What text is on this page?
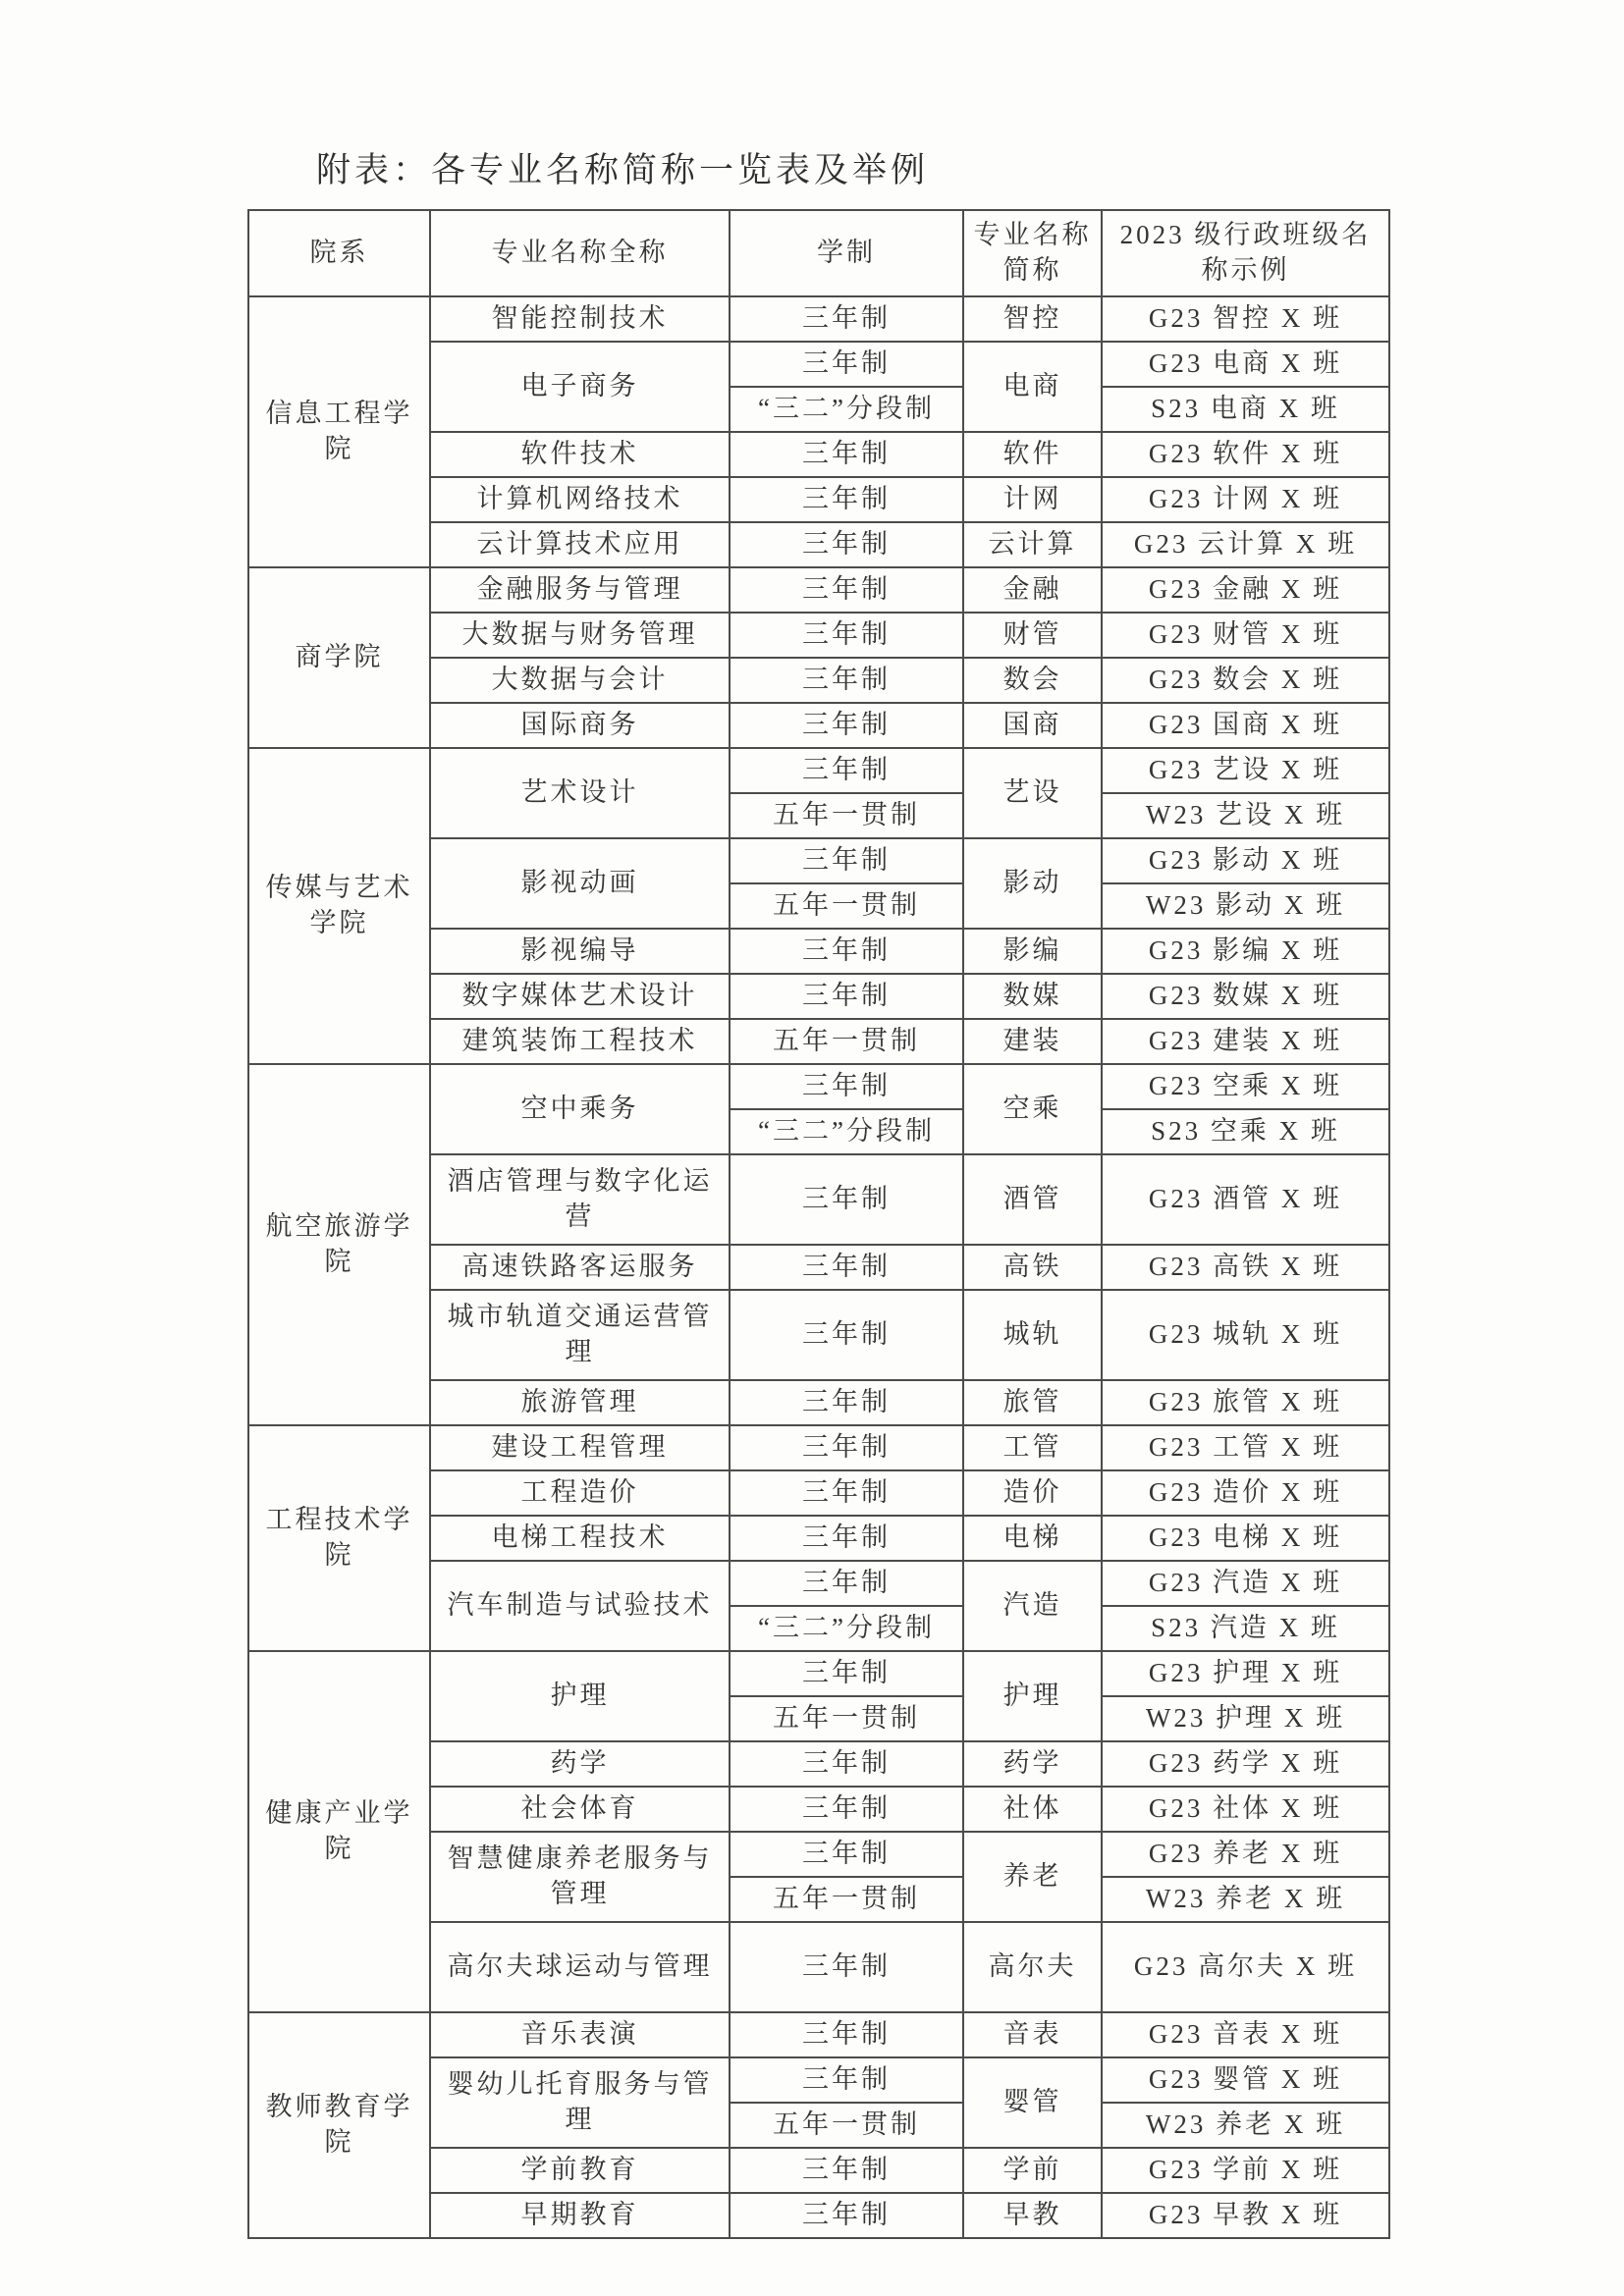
附表：各专业名称简称一览表及举例
院系	专业名称全称	学制	专业名称简称	2023 级行政班级名称示例
信息工程学院	智能控制技术	三年制	智控	G23 智控 X 班
	电子商务	三年制	电商	G23 电商 X 班
		“三二”分段制		S23 电商 X 班
	软件技术	三年制	软件	G23 软件 X 班
	计算机网络技术	三年制	计网	G23 计网 X 班
	云计算技术应用	三年制	云计算	G23 云计算 X 班
商学院	金融服务与管理	三年制	金融	G23 金融 X 班
	大数据与财务管理	三年制	财管	G23 财管 X 班
	大数据与会计	三年制	数会	G23 数会 X 班
	国际商务	三年制	国商	G23 国商 X 班
传媒与艺术学院	艺术设计	三年制	艺设	G23 艺设 X 班
		五年一贯制		W23 艺设 X 班
	影视动画	三年制	影动	G23 影动 X 班
		五年一贯制		W23 影动 X 班
	影视编导	三年制	影编	G23 影编 X 班
	数字媒体艺术设计	三年制	数媒	G23 数媒 X 班
	建筑装饰工程技术	五年一贯制	建装	G23 建装 X 班
航空旅游学院	空中乘务	三年制	空乘	G23 空乘 X 班
		“三二”分段制		S23 空乘 X 班
	酒店管理与数字化运营	三年制	酒管	G23 酒管 X 班
	高速铁路客运服务	三年制	高铁	G23 高铁 X 班
	城市轨道交通运营管理	三年制	城轨	G23 城轨 X 班
	旅游管理	三年制	旅管	G23 旅管 X 班
工程技术学院	建设工程管理	三年制	工管	G23 工管 X 班
	工程造价	三年制	造价	G23 造价 X 班
	电梯工程技术	三年制	电梯	G23 电梯 X 班
	汽车制造与试验技术	三年制	汽造	G23 汽造 X 班
		“三二”分段制		S23 汽造 X 班
健康产业学院	护理	三年制	护理	G23 护理 X 班
		五年一贯制		W23 护理 X 班
	药学	三年制	药学	G23 药学 X 班
	社会体育	三年制	社体	G23 社体 X 班
	智慧健康养老服务与管理	三年制	养老	G23 养老 X 班
		五年一贯制		W23 养老 X 班
	高尔夫球运动与管理	三年制	高尔夫	G23 高尔夫 X 班
教师教育学院	音乐表演	三年制	音表	G23 音表 X 班
	婴幼儿托育服务与管理	三年制	婴管	G23 婴管 X 班
		五年一贯制		W23 养老 X 班
	学前教育	三年制	学前	G23 学前 X 班
	早期教育	三年制	早教	G23 早教 X 班
